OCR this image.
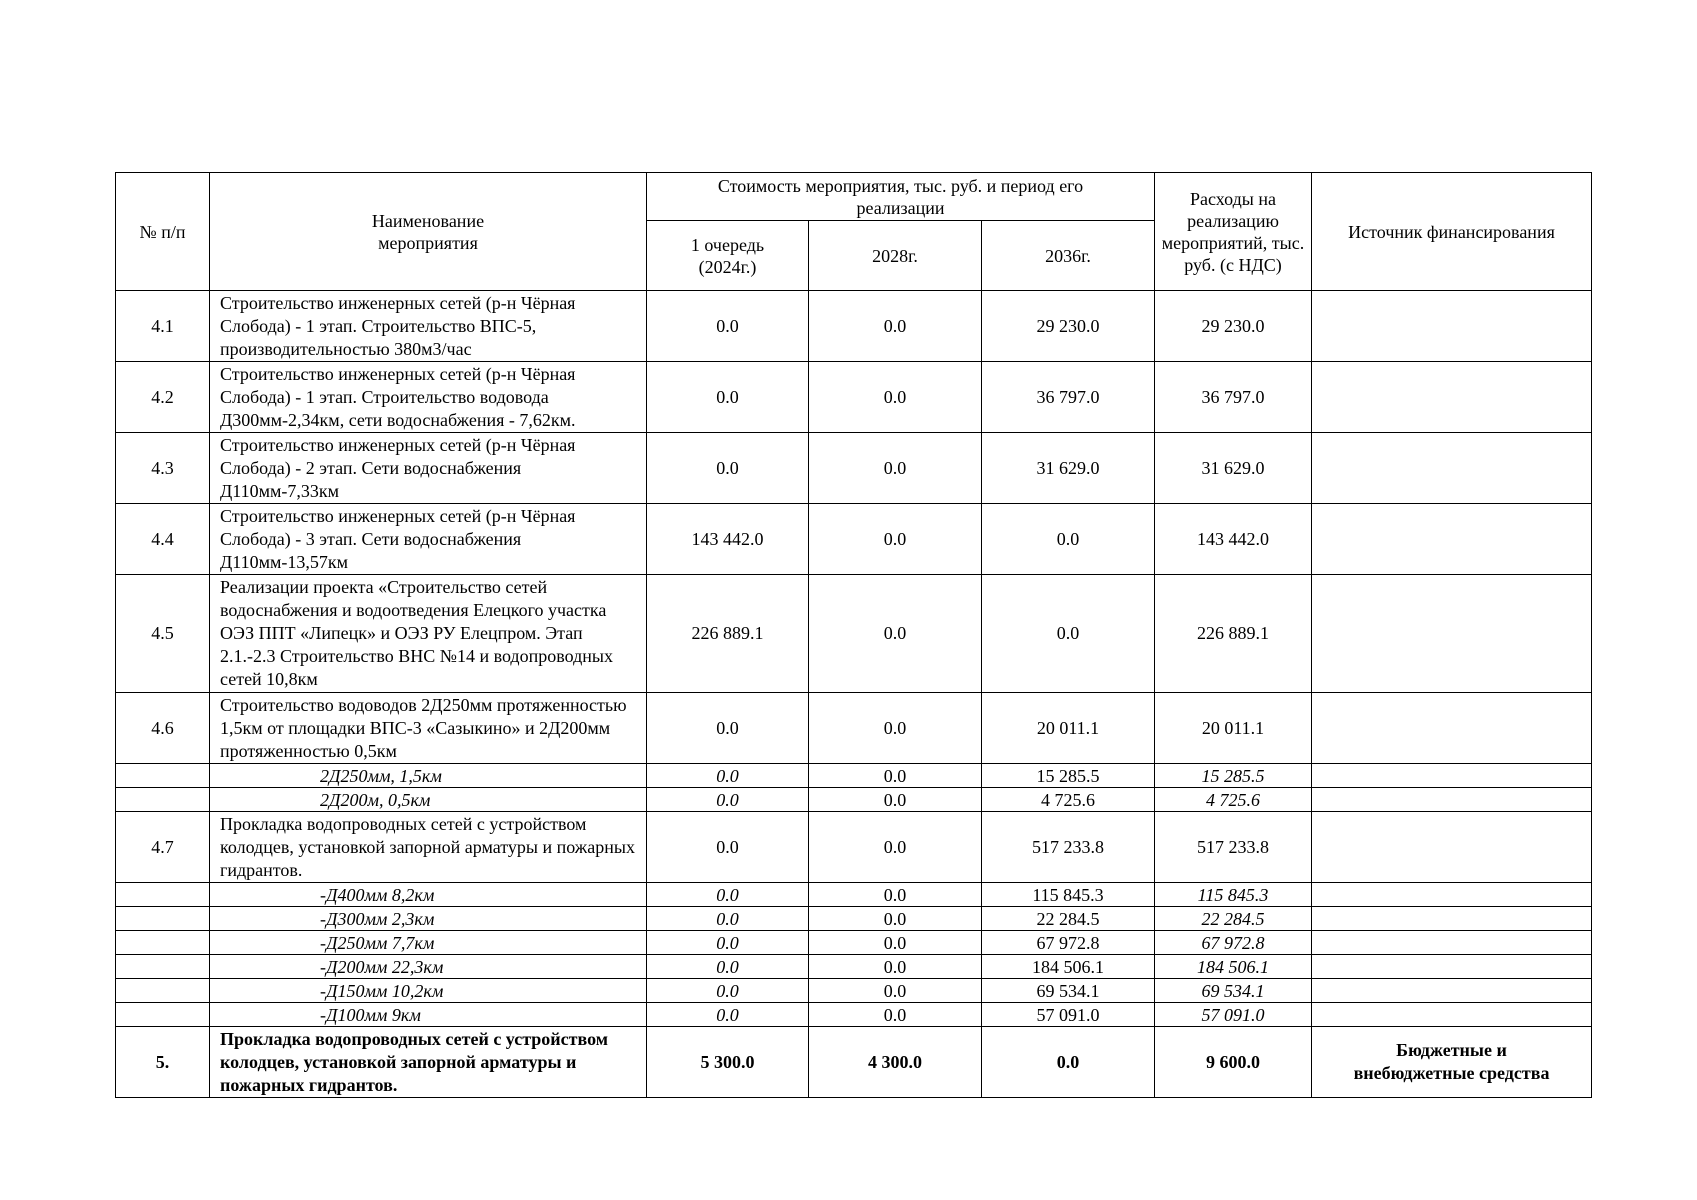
№ п/п	Наименование мероприятия	Стоимость мероприятия, тыс. руб. и период его реализации			Расходы на реализацию мероприятий, тыс. руб. (с НДС)	Источник финансирования
		1 очередь (2024г.)	2028г.	2036г.		
4.1	Строительство инженерных сетей (р-н Чёрная Слобода) - 1 этап. Строительство ВПС-5, производительностью 380м3/час	0.0	0.0	29 230.0	29 230.0	
4.2	Строительство инженерных сетей (р-н Чёрная Слобода) - 1 этап. Строительство водовода Д300мм-2,34км, сети водоснабжения - 7,62км.	0.0	0.0	36 797.0	36 797.0	
4.3	Строительство инженерных сетей (р-н Чёрная Слобода) - 2 этап. Сети водоснабжения Д110мм-7,33км	0.0	0.0	31 629.0	31 629.0	
4.4	Строительство инженерных сетей (р-н Чёрная Слобода) - 3 этап. Сети водоснабжения Д110мм-13,57км	143 442.0	0.0	0.0	143 442.0	
4.5	Реализации проекта «Строительство сетей водоснабжения и водоотведения Елецкого участка ОЭЗ ППТ «Липецк» и ОЭЗ РУ Елецпром. Этап 2.1.-2.3 Строительство ВНС №14 и водопроводных сетей 10,8км	226 889.1	0.0	0.0	226 889.1	
4.6	Строительство водоводов 2Д250мм протяженностью 1,5км от площадки ВПС-3 «Сазыкино» и 2Д200мм протяженностью 0,5км	0.0	0.0	20 011.1	20 011.1	
	2Д250мм, 1,5км	0.0	0.0	15 285.5	15 285.5	
	2Д200м, 0,5км	0.0	0.0	4 725.6	4 725.6	
4.7	Прокладка водопроводных сетей с устройством колодцев, установкой запорной арматуры и пожарных гидрантов.	0.0	0.0	517 233.8	517 233.8	
	-Д400мм 8,2км	0.0	0.0	115 845.3	115 845.3	
	-Д300мм 2,3км	0.0	0.0	22 284.5	22 284.5	
	-Д250мм 7,7км	0.0	0.0	67 972.8	67 972.8	
	-Д200мм 22,3км	0.0	0.0	184 506.1	184 506.1	
	-Д150мм 10,2км	0.0	0.0	69 534.1	69 534.1	
	-Д100мм 9км	0.0	0.0	57 091.0	57 091.0	
5.	Прокладка водопроводных сетей с устройством колодцев, установкой запорной арматуры и пожарных гидрантов.	5 300.0	4 300.0	0.0	9 600.0	Бюджетные и внебюджетные средства
